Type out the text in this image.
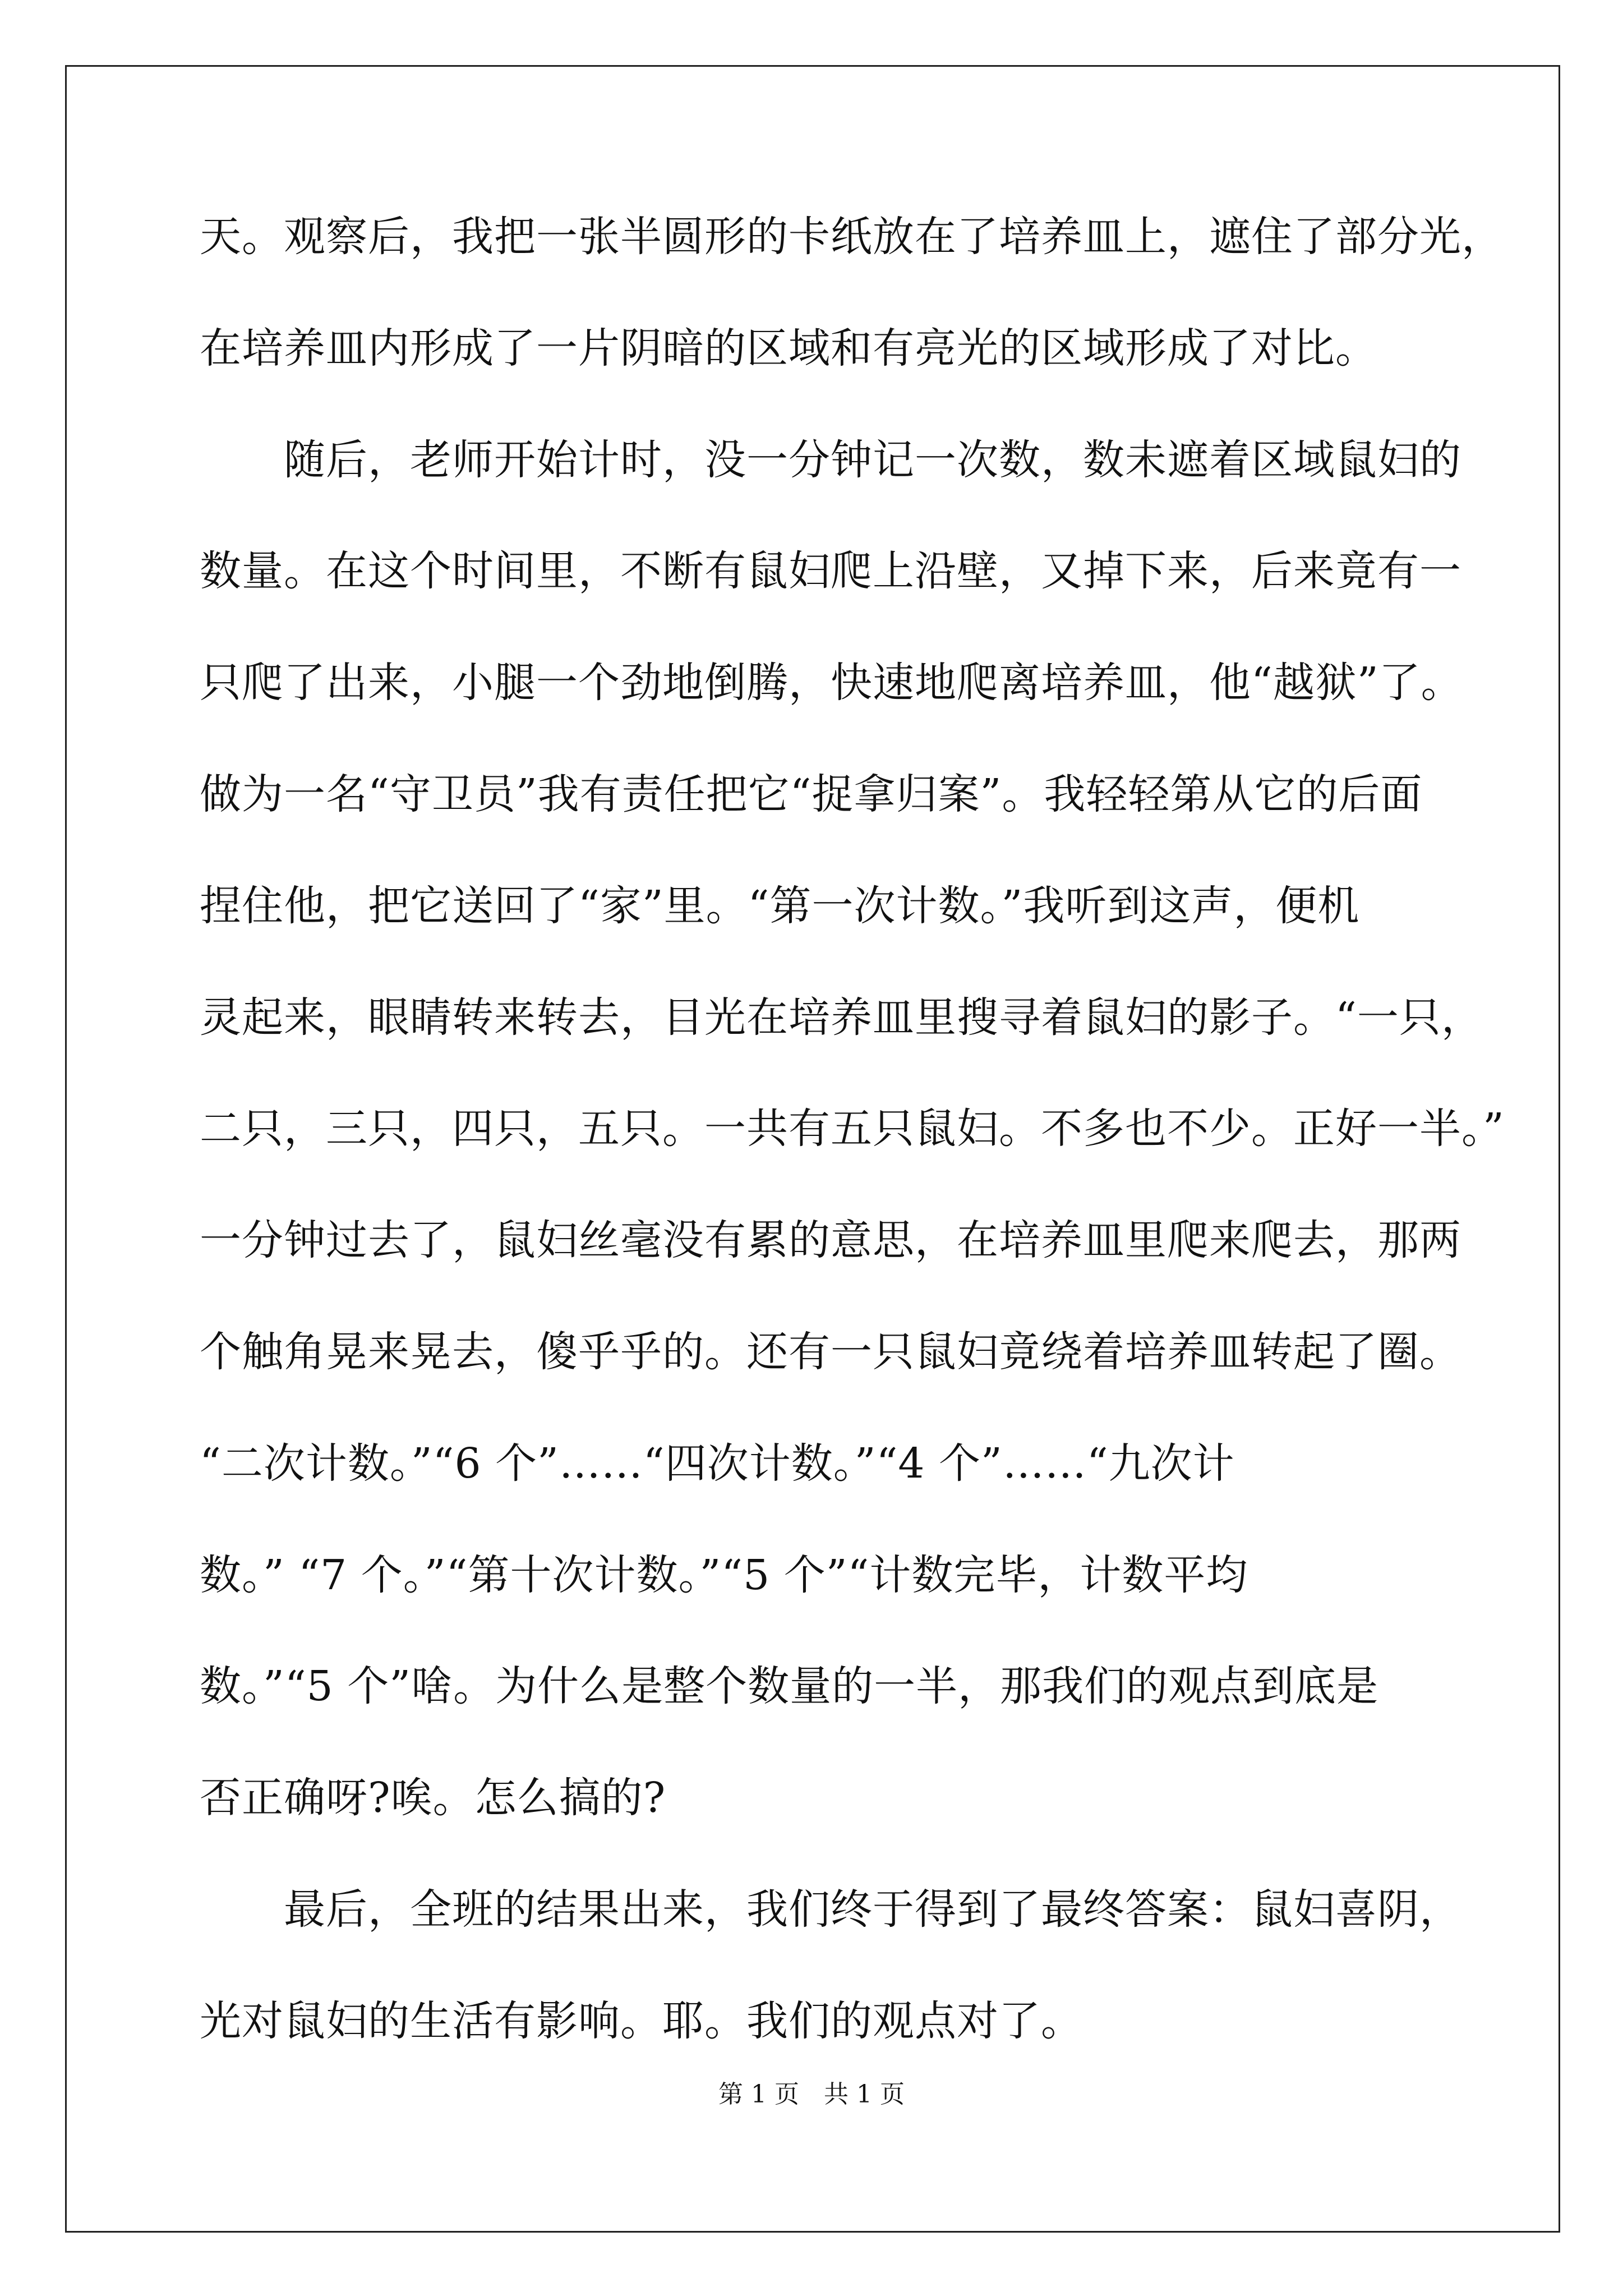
天。观察后，我把一张半圆形的卡纸放在了培养皿上，遮住了部分光，
在培养皿内形成了一片阴暗的区域和有亮光的区域形成了对比。
　　随后，老师开始计时，没一分钟记一次数，数未遮着区域鼠妇的
数量。在这个时间里，不断有鼠妇爬上沿壁，又掉下来，后来竟有一
只爬了出来，小腿一个劲地倒腾，快速地爬离培养皿，他“越狱”了。
做为一名“守卫员”我有责任把它“捉拿归案”。我轻轻第从它的后面
捏住他，把它送回了“家”里。“第一次计数。”我听到这声，便机
灵起来，眼睛转来转去，目光在培养皿里搜寻着鼠妇的影子。“一只，
二只，三只，四只，五只。一共有五只鼠妇。不多也不少。正好一半。”
一分钟过去了，鼠妇丝毫没有累的意思，在培养皿里爬来爬去，那两
个触角晃来晃去，傻乎乎的。还有一只鼠妇竟绕着培养皿转起了圈。
“二次计数。”“6 个”……“四次计数。”“4 个”……“九次计
数。” “7 个。”“第十次计数。”“5 个”“计数完毕，计数平均
数。”“5 个”啥。为什么是整个数量的一半，那我们的观点到底是
否正确呀?唉。怎么搞的?
　　最后，全班的结果出来，我们终于得到了最终答案：鼠妇喜阴，
光对鼠妇的生活有影响。耶。我们的观点对了。
第 1 页　共 1 页
